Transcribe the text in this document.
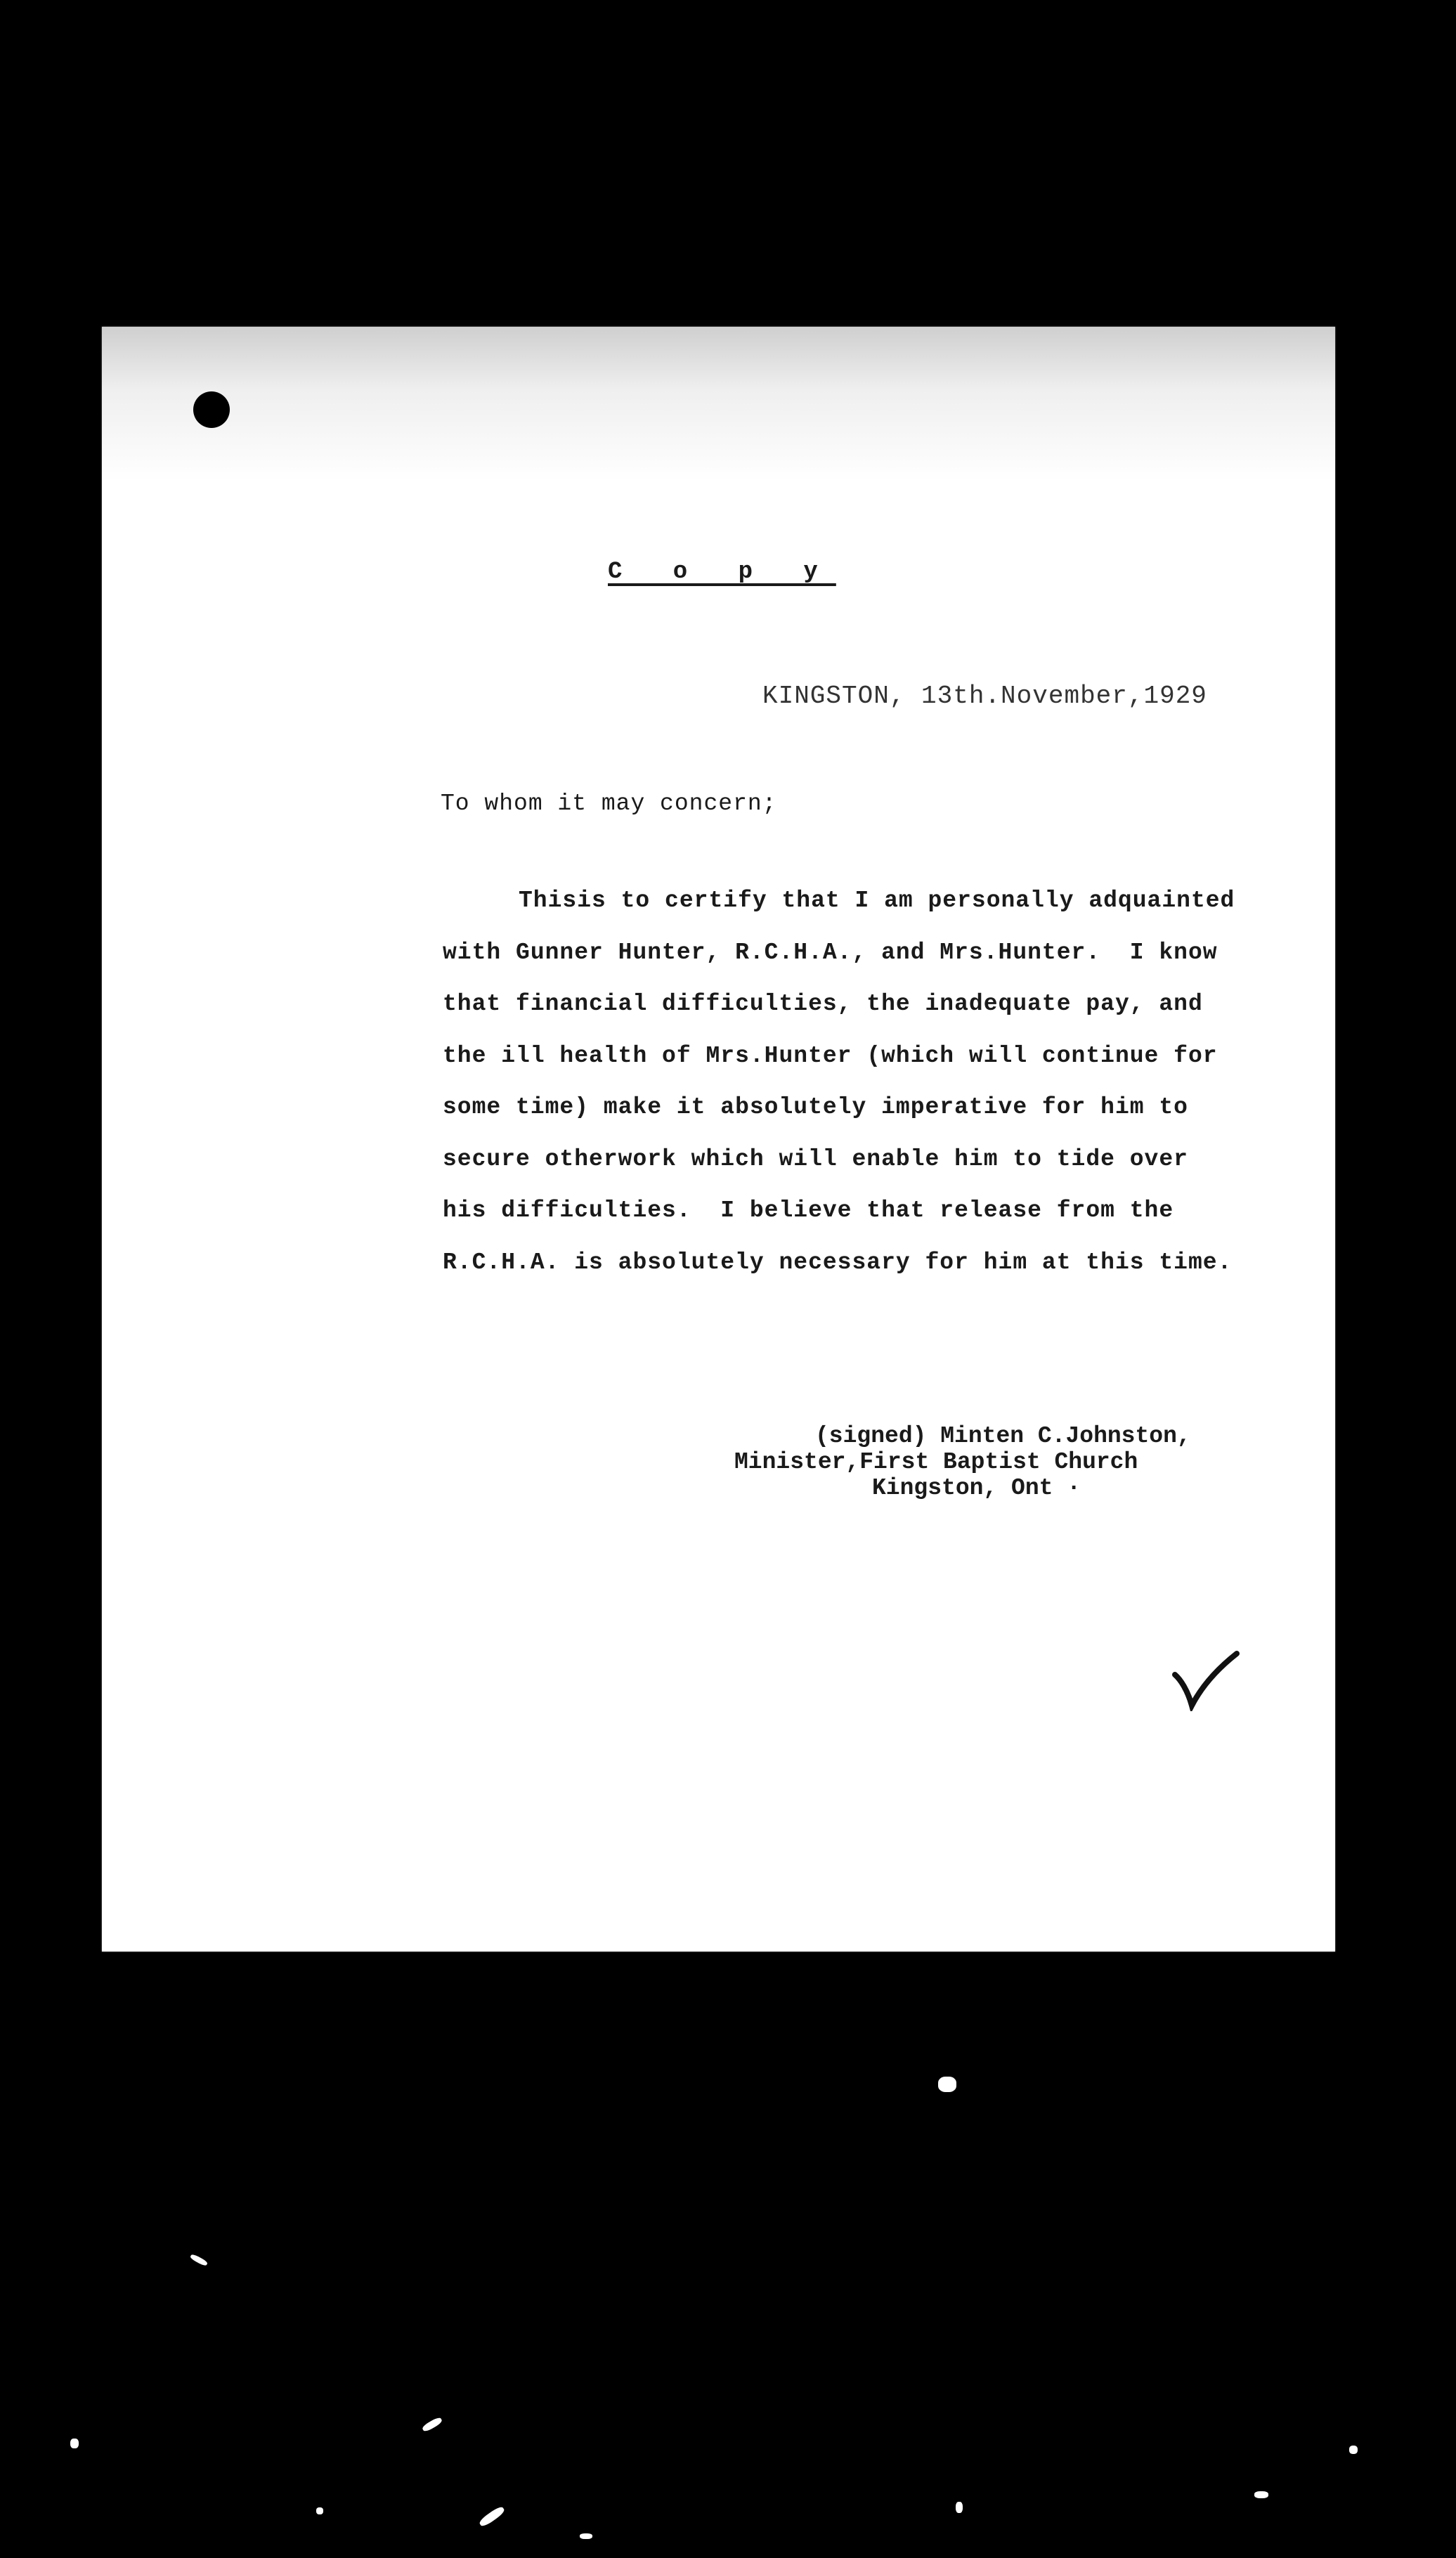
C o p y
KINGSTON, 13th.November,1929
To whom it may concern;
Thisis to certify that I am personally adquainted
with Gunner Hunter, R.C.H.A., and Mrs.Hunter.  I know
that financial difficulties, the inadequate pay, and
the ill health of Mrs.Hunter (which will continue for
some time) make it absolutely imperative for him to
secure otherwork which will enable him to tide over
his difficulties.  I believe that release from the
R.C.H.A. is absolutely necessary for him at this time.
(signed) Minten C.Johnston,
Minister,First Baptist Church
Kingston, Ont ·
